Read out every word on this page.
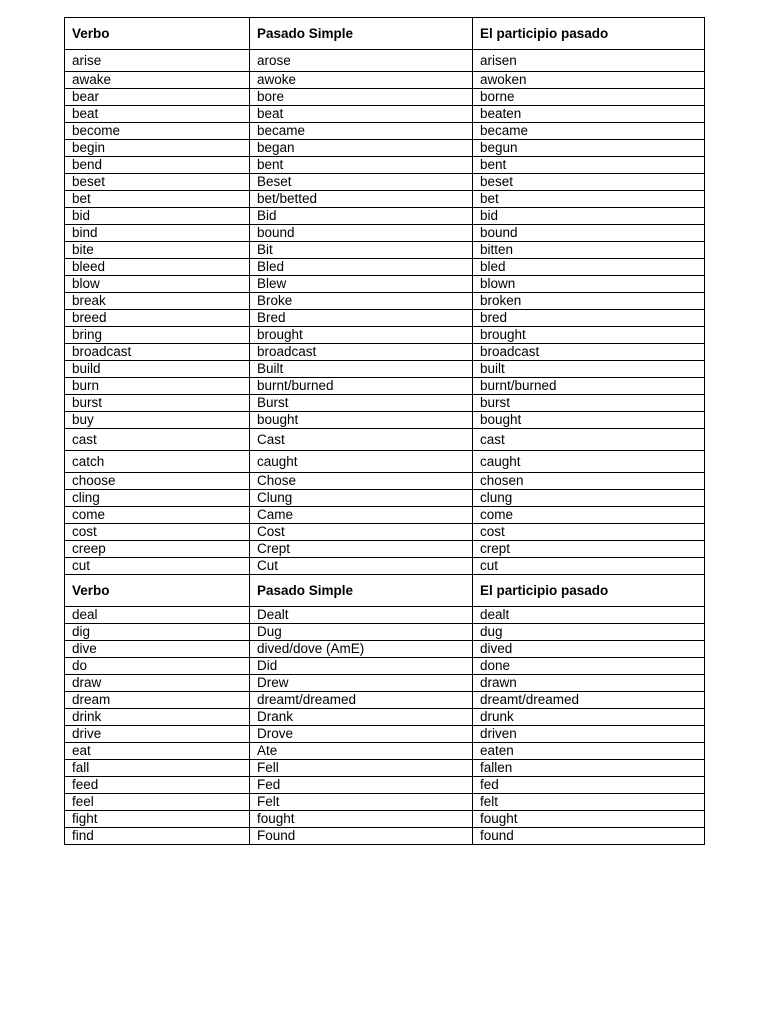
Verbo	Pasado Simple	El participio pasado
arise	arose	arisen
awake	awoke	awoken
bear	bore	borne
beat	beat	beaten
become	became	became
begin	began	begun
bend	bent	bent
beset	Beset	beset
bet	bet/betted	bet
bid	Bid	bid
bind	bound	bound
bite	Bit	bitten
bleed	Bled	bled
blow	Blew	blown
break	Broke	broken
breed	Bred	bred
bring	brought	brought
broadcast	broadcast	broadcast
build	Built	built
burn	burnt/burned	burnt/burned
burst	Burst	burst
buy	bought	bought
cast	Cast	cast
catch	caught	caught
choose	Chose	chosen
cling	Clung	clung
come	Came	come
cost	Cost	cost
creep	Crept	crept
cut	Cut	cut
Verbo	Pasado Simple	El participio pasado
deal	Dealt	dealt
dig	Dug	dug
dive	dived/dove (AmE)	dived
do	Did	done
draw	Drew	drawn
dream	dreamt/dreamed	dreamt/dreamed
drink	Drank	drunk
drive	Drove	driven
eat	Ate	eaten
fall	Fell	fallen
feed	Fed	fed
feel	Felt	felt
fight	fought	fought
find	Found	found
